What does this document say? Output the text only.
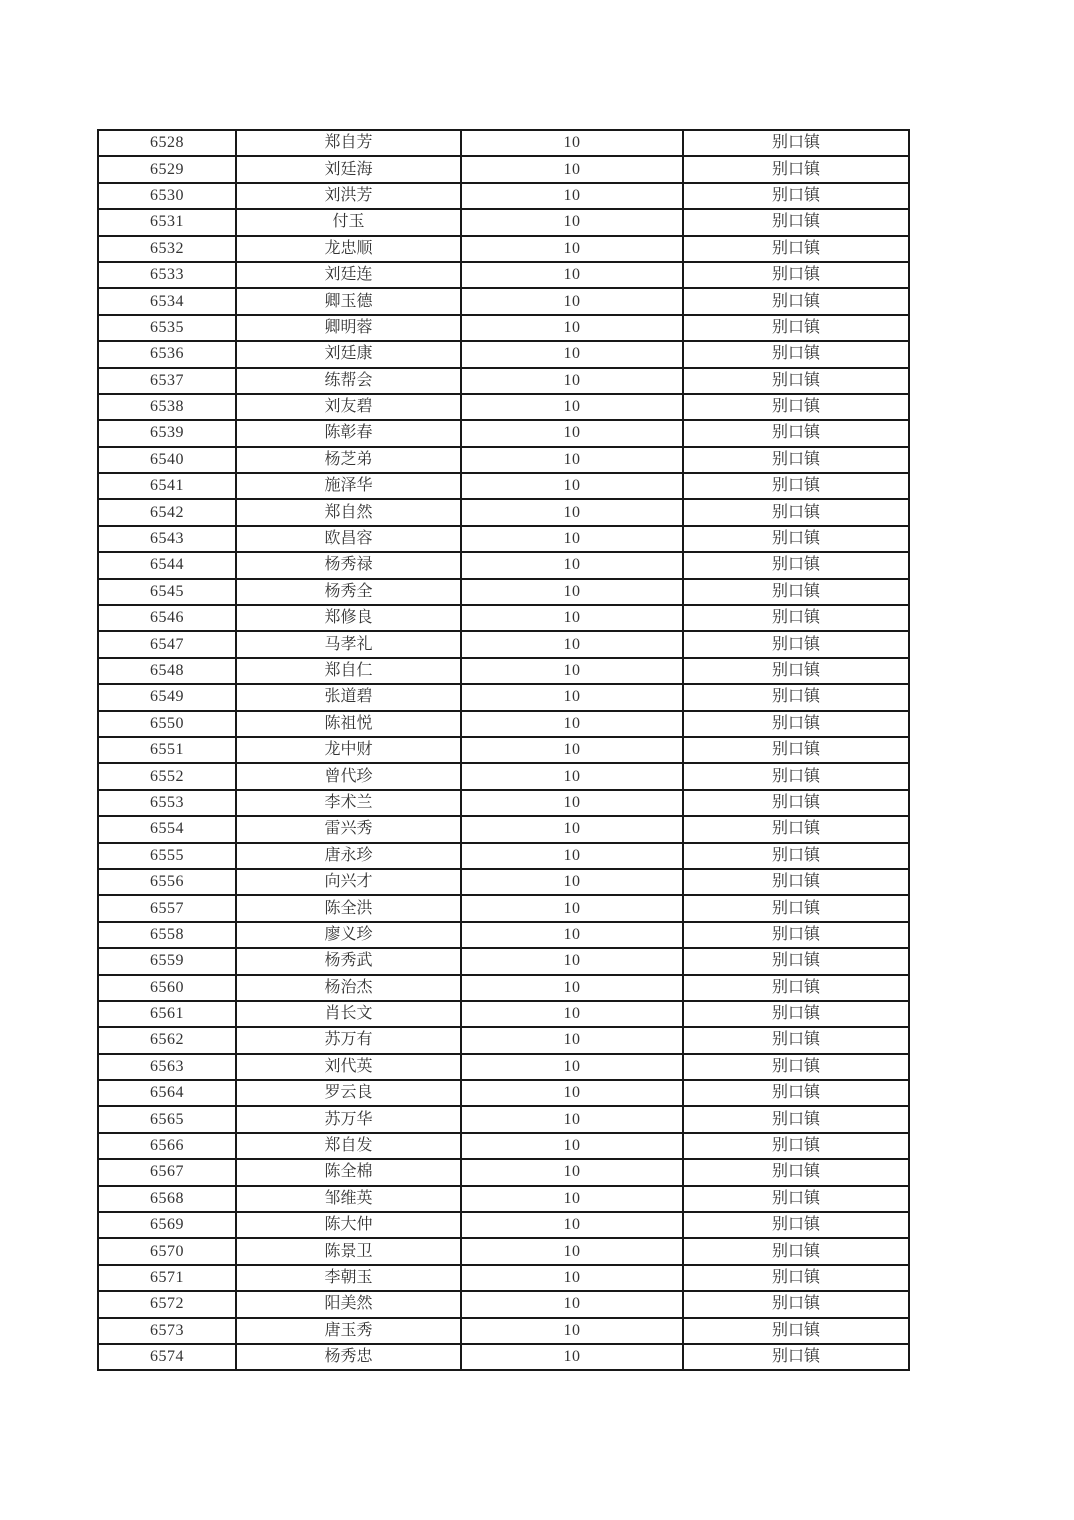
6528	郑自芳	10	别口镇
6529	刘廷海	10	别口镇
6530	刘洪芳	10	别口镇
6531	付玉	10	别口镇
6532	龙忠顺	10	别口镇
6533	刘廷连	10	别口镇
6534	卿玉德	10	别口镇
6535	卿明蓉	10	别口镇
6536	刘廷康	10	别口镇
6537	练帮会	10	别口镇
6538	刘友碧	10	别口镇
6539	陈彰春	10	别口镇
6540	杨芝弟	10	别口镇
6541	施泽华	10	别口镇
6542	郑自然	10	别口镇
6543	欧昌容	10	别口镇
6544	杨秀禄	10	别口镇
6545	杨秀全	10	别口镇
6546	郑修良	10	别口镇
6547	马孝礼	10	别口镇
6548	郑自仁	10	别口镇
6549	张道碧	10	别口镇
6550	陈祖悦	10	别口镇
6551	龙中财	10	别口镇
6552	曾代珍	10	别口镇
6553	李术兰	10	别口镇
6554	雷兴秀	10	别口镇
6555	唐永珍	10	别口镇
6556	向兴才	10	别口镇
6557	陈全洪	10	别口镇
6558	廖义珍	10	别口镇
6559	杨秀武	10	别口镇
6560	杨治杰	10	别口镇
6561	肖长文	10	别口镇
6562	苏万有	10	别口镇
6563	刘代英	10	别口镇
6564	罗云良	10	别口镇
6565	苏万华	10	别口镇
6566	郑自发	10	别口镇
6567	陈全棉	10	别口镇
6568	邹维英	10	别口镇
6569	陈大仲	10	别口镇
6570	陈景卫	10	别口镇
6571	李朝玉	10	别口镇
6572	阳美然	10	别口镇
6573	唐玉秀	10	别口镇
6574	杨秀忠	10	别口镇
